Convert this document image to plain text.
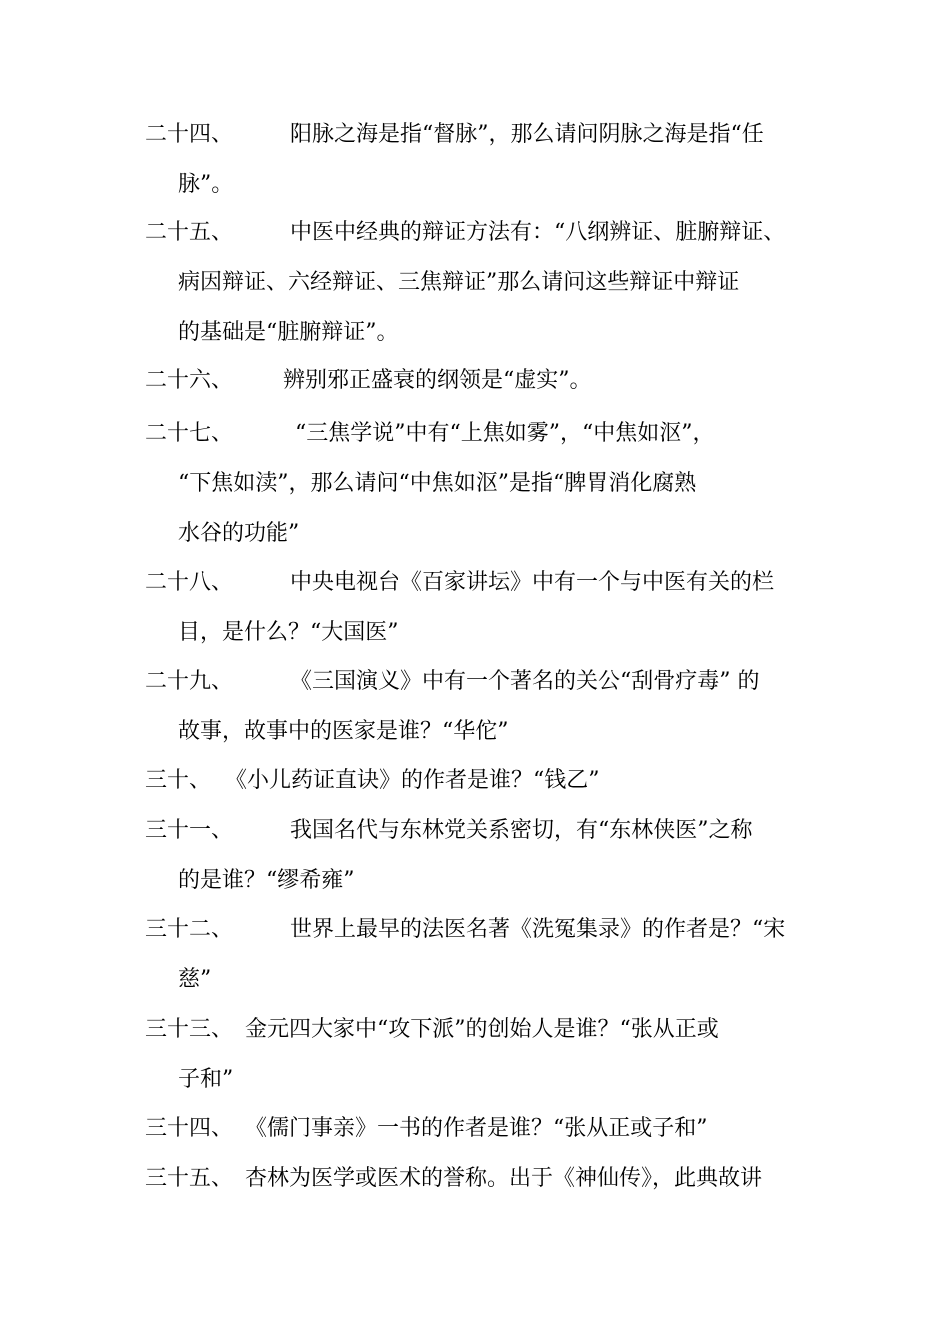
二十四、	阳脉之海是指“督脉”，那么请问阴脉之海是指“任
脉”。
二十五、	中医中经典的辩证方法有：“八纲辨证、脏腑辩证、
病因辩证、六经辩证、三焦辩证”那么请问这些辩证中辩证
的基础是“脏腑辩证”。
二十六、 辨别邪正盛衰的纲领是“虚实”。
二十七、	“三焦学说”中有“上焦如雾”，“中焦如沤”，
“下焦如渎”，那么请问“中焦如沤”是指“脾胃消化腐熟
水谷的功能”
二十八、	中央电视台《百家讲坛》中有一个与中医有关的栏
目，是什么？“大国医”
二十九、	《三国演义》中有一个著名的关公“刮骨疗毒” 的
故事，故事中的医家是谁？“华佗”
三十、 《小儿药证直诀》的作者是谁？“钱乙”
三十一、	我国名代与东林党关系密切，有“东林侠医”之称
的是谁？“缪希雍”
三十二、	世界上最早的法医名著《洗冤集录》的作者是？“宋
慈”
三十三、 金元四大家中“攻下派”的创始人是谁？“张从正或
子和”
三十四、 《儒门事亲》一书的作者是谁？“张从正或子和”
三十五、 杏林为医学或医术的誉称。出于《神仙传》，此典故讲
